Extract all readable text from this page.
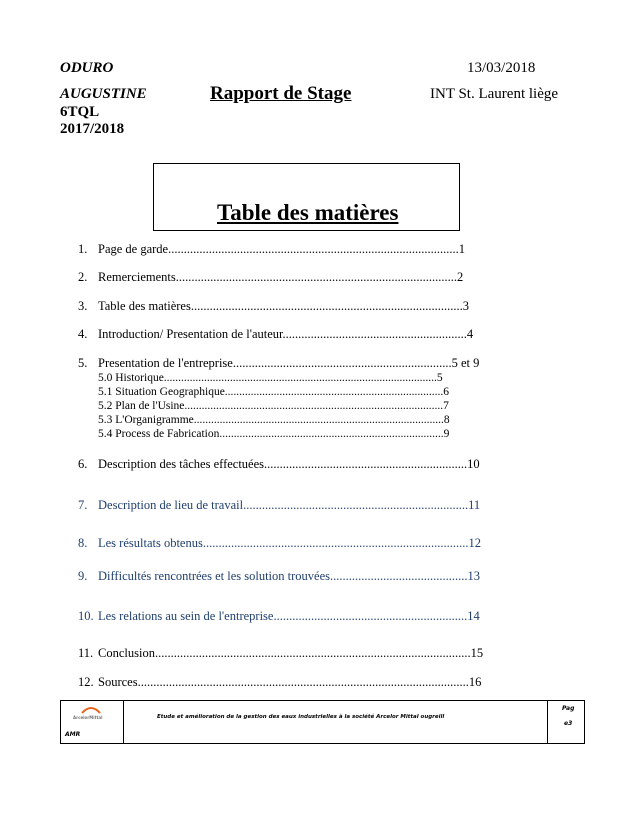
ODURO	13/03/2018
AUGUSTINE	Rapport de Stage	INT St. Laurent liège
6TQL
2017/2018
Table des matières
1. Page de garde.............................................................................................1
2. Remerciements..........................................................................................2
3. Table des matières.......................................................................................3
4. Introduction/ Presentation de l'auteur...........................................................4
5. Presentation de l'entreprise......................................................................5 et 9
5.0 Historique...............................................................................................5
5.1 Situation Geographique............................................................................6
5.2 Plan de l'Usine..........................................................................................7
5.3 L'Organigramme.......................................................................................8
5.4 Process de Fabrication..............................................................................9
6. Description des tâches effectuées.................................................................10
7. Description de lieu de travail........................................................................11
8. Les résultats obtenus.....................................................................................12
9. Difficultés rencontrées et les solution trouvées............................................13
10. Les relations au sein de l'entreprise..............................................................14
11. Conclusion.....................................................................................................15
12. Sources..........................................................................................................16
ArcelorMittal
AMR
Etude et amélioration de la gestion des eaux industrielles à la société Arcelor Mittal ougreill
Pag
e3
